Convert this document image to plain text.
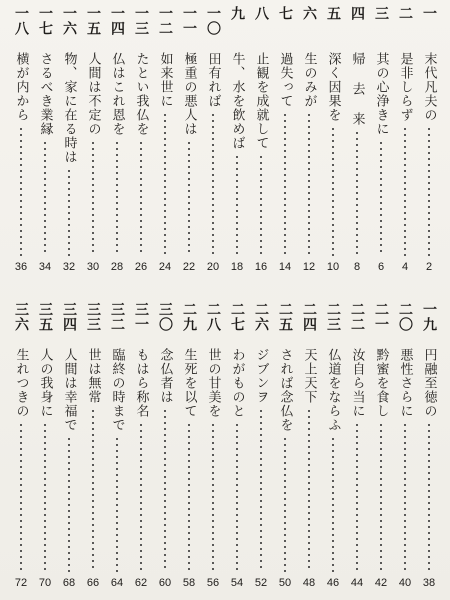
一
末代凡夫の
2
二
是非しらず
4
三
其の心浄きに
6
四
帰 去 来
8
五
深く因果を
10
六
生のみが
12
七
過失って
14
八
止観を成就して
16
九
牛、水を飲めば
18
一〇
田有れば
20
一一
極重の悪人は
22
一二
如来世に
24
一三
たとい我仏を
26
一四
仏はこれ恩を
28
一五
人間は不定の
30
一六
物、家に在る時は
32
一七
さるべき業縁
34
一八
横が内から
36
一九
円融至徳の
38
二〇
悪性さらに
40
二一
黔蜜を食し
42
二二
汝自ら当に
44
二三
仏道をならふ
46
二四
天上天下
48
二五
されば念仏を
50
二六
ジブンヲ
52
二七
わがものと
54
二八
世の甘美を
56
二九
生死を以て
58
三〇
念仏者は
60
三一
もはら称名
62
三二
臨終の時まで
64
三三
世は無常
66
三四
人間は幸福で
68
三五
人の我身に
70
三六
生れつきの
72
